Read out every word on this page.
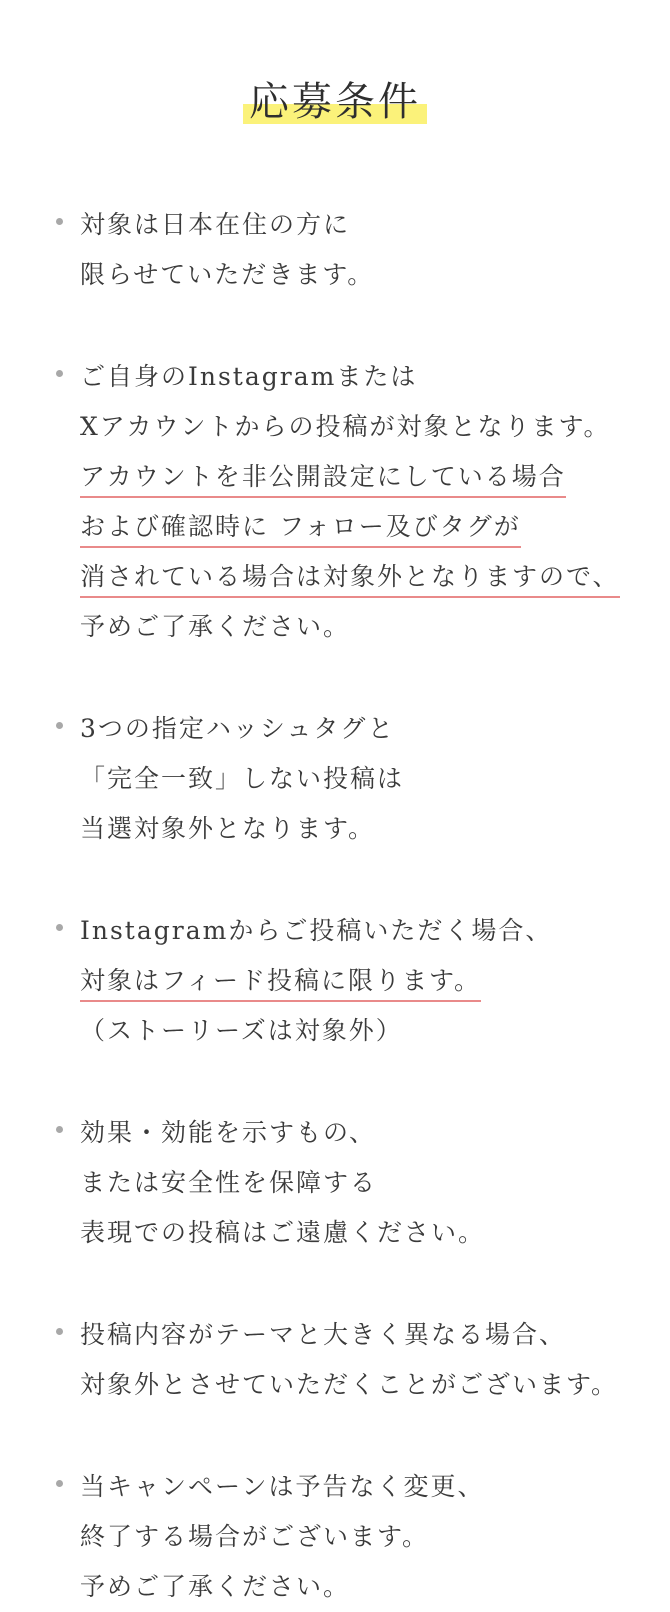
応募条件
対象は日本在住の方に
限らせていただきます。
ご自身のInstagramまたは
Xアカウントからの投稿が対象となります。
アカウントを非公開設定にしている場合
および確認時に フォロー及びタグが
消されている場合は対象外となりますので、
予めご了承ください。
3つの指定ハッシュタグと
「完全一致」しない投稿は
当選対象外となります。
Instagramからご投稿いただく場合、
対象はフィード投稿に限ります。
（ストーリーズは対象外）
効果・効能を示すもの、
または安全性を保障する
表現での投稿はご遠慮ください。
投稿内容がテーマと大きく異なる場合、
対象外とさせていただくことがございます。
当キャンペーンは予告なく変更、
終了する場合がございます。
予めご了承ください。
